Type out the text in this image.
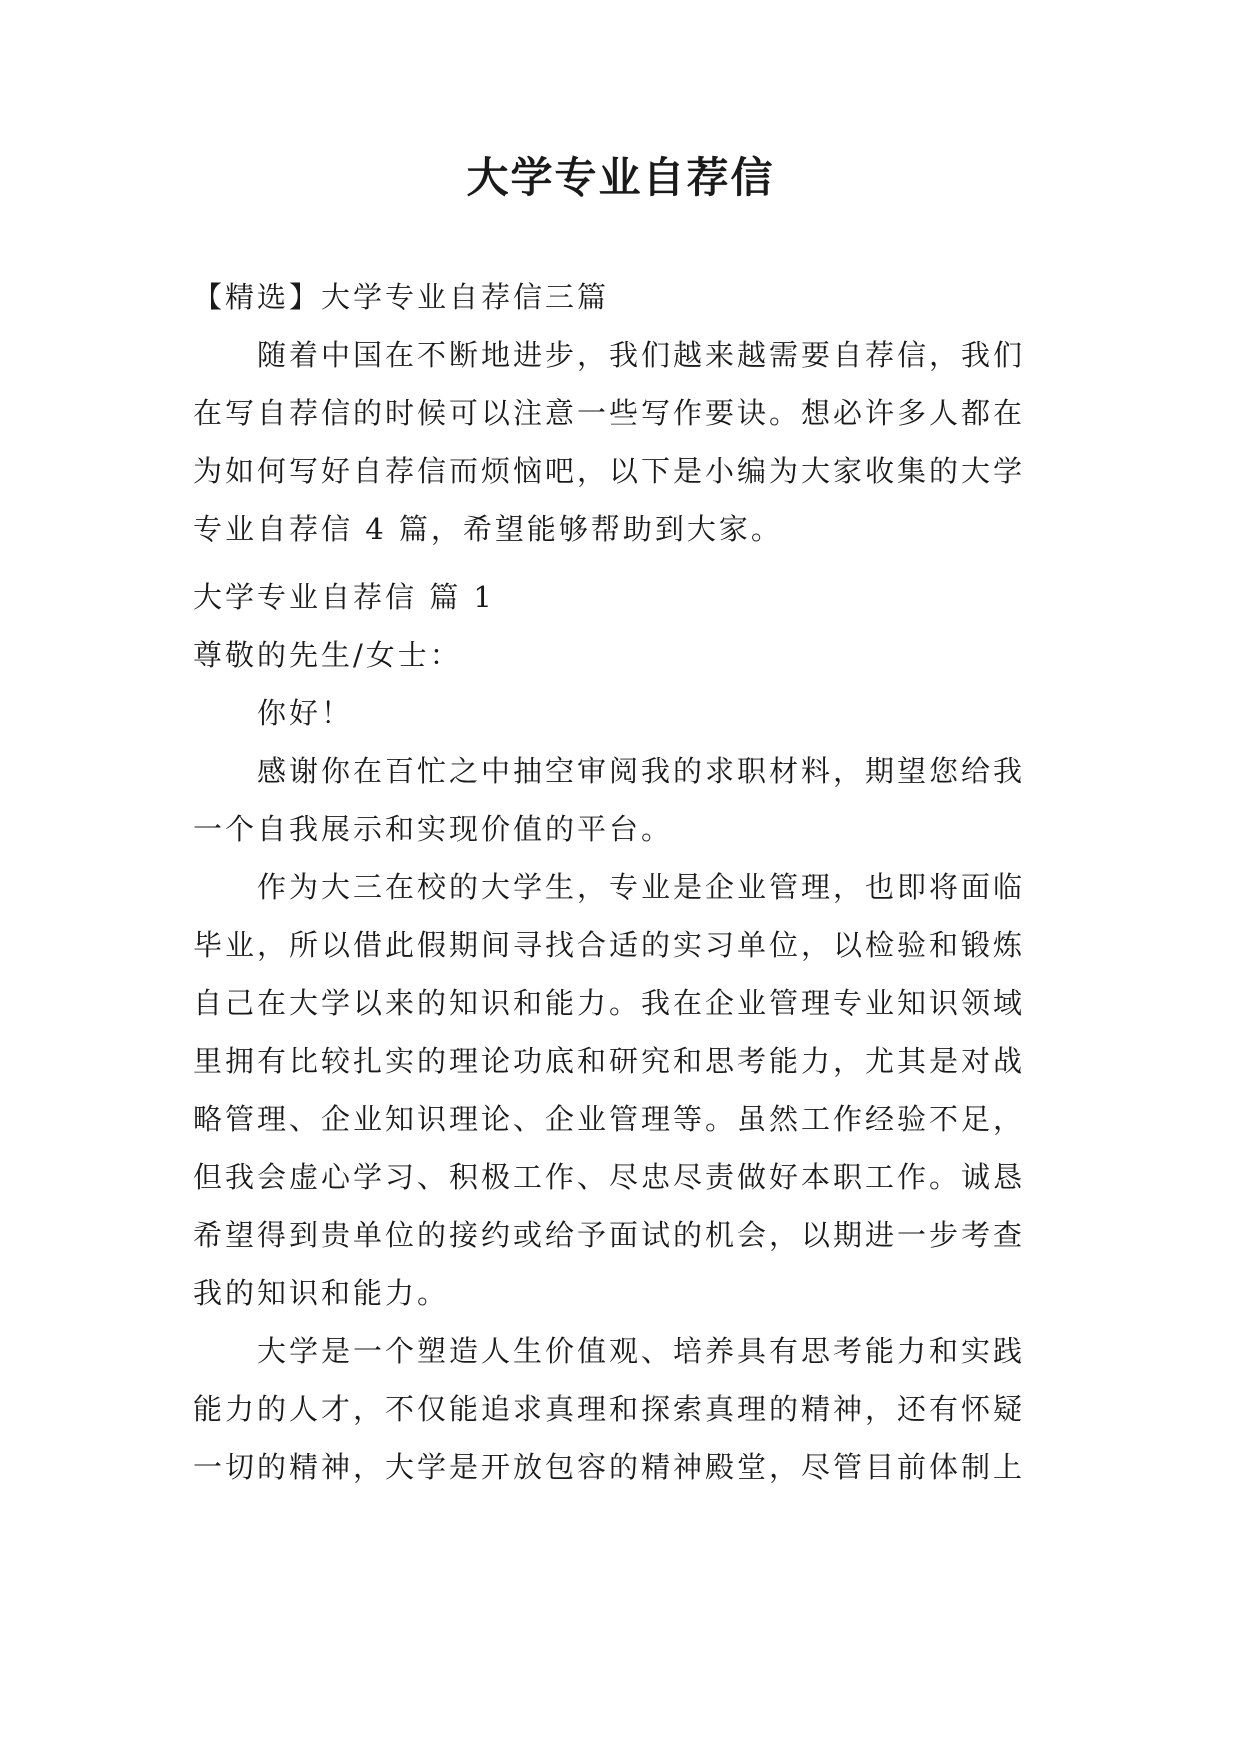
大学专业自荐信
【精选】大学专业自荐信三篇
随着中国在不断地进步，我们越来越需要自荐信，我们
在写自荐信的时候可以注意一些写作要诀。想必许多人都在
为如何写好自荐信而烦恼吧，以下是小编为大家收集的大学
专业自荐信 4 篇，希望能够帮助到大家。
大学专业自荐信 篇 1
尊敬的先生/女士：
你好！
感谢你在百忙之中抽空审阅我的求职材料，期望您给我
一个自我展示和实现价值的平台。
作为大三在校的大学生，专业是企业管理，也即将面临
毕业，所以借此假期间寻找合适的实习单位，以检验和锻炼
自己在大学以来的知识和能力。我在企业管理专业知识领域
里拥有比较扎实的理论功底和研究和思考能力，尤其是对战
略管理、企业知识理论、企业管理等。虽然工作经验不足，
但我会虚心学习、积极工作、尽忠尽责做好本职工作。诚恳
希望得到贵单位的接约或给予面试的机会，以期进一步考查
我的知识和能力。
大学是一个塑造人生价值观、培养具有思考能力和实践
能力的人才，不仅能追求真理和探索真理的精神，还有怀疑
一切的精神，大学是开放包容的精神殿堂，尽管目前体制上
